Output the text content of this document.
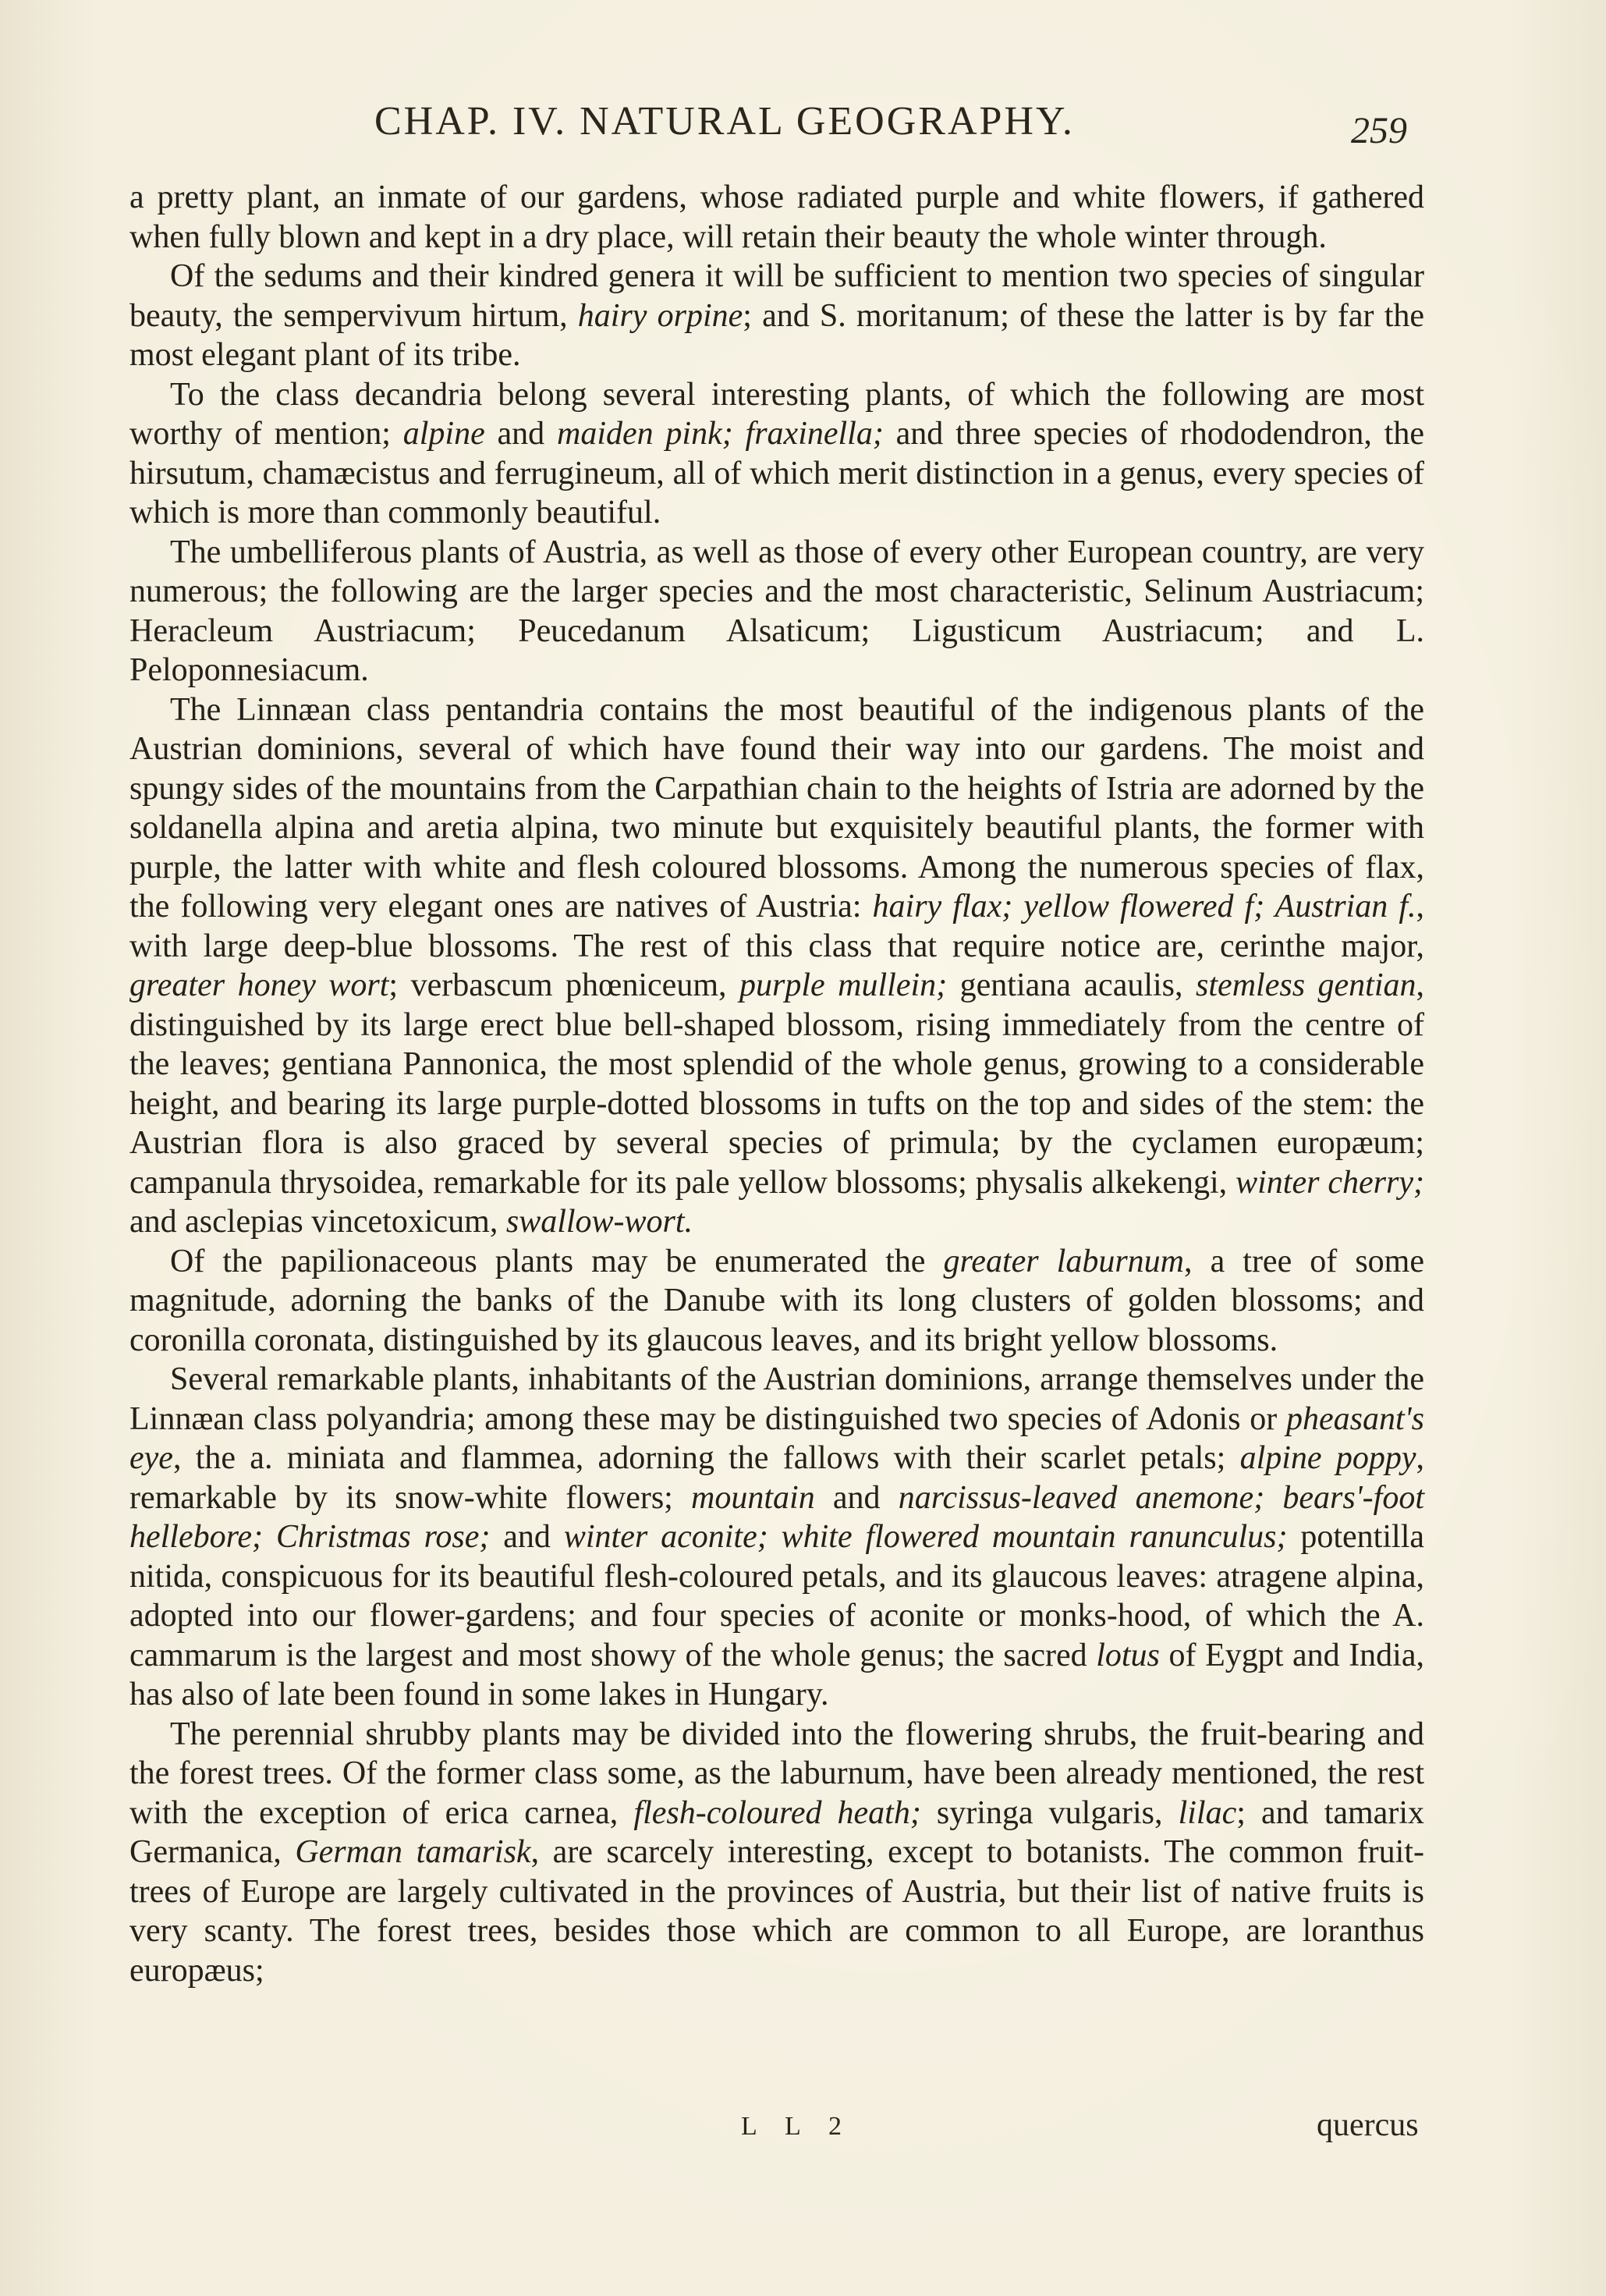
CHAP. IV. NATURAL GEOGRAPHY.	259

a pretty plant, an inmate of our gardens, whose radiated purple and white flowers, if gathered when fully blown and kept in a dry place, will retain their beauty the whole winter through.

Of the sedums and their kindred genera it will be sufficient to mention two species of singular beauty, the sempervivum hirtum, hairy orpine; and S. moritanum; of these the latter is by far the most elegant plant of its tribe.

To the class decandria belong several interesting plants, of which the following are most worthy of mention; alpine and maiden pink; fraxinella; and three species of rhododendron, the hirsutum, chamæcistus and ferrugineum, all of which merit distinction in a genus, every species of which is more than commonly beautiful.

The umbelliferous plants of Austria, as well as those of every other European country, are very numerous; the following are the larger species and the most characteristic, Selinum Austriacum; Heracleum Austriacum; Peucedanum Alsaticum; Ligusticum Austriacum; and L. Peloponnesiacum.

The Linnæan class pentandria contains the most beautiful of the indigenous plants of the Austrian dominions, several of which have found their way into our gardens. The moist and spungy sides of the mountains from the Carpathian chain to the heights of Istria are adorned by the soldanella alpina and aretia alpina, two minute but exquisitely beautiful plants, the former with purple, the latter with white and flesh coloured blossoms. Among the numerous species of flax, the following very elegant ones are natives of Austria: hairy flax; yellow flowered f; Austrian f., with large deep-blue blossoms. The rest of this class that require notice are, cerinthe major, greater honey wort; verbascum phœniceum, purple mullein; gentiana acaulis, stemless gentian, distinguished by its large erect blue bell-shaped blossom, rising immediately from the centre of the leaves; gentiana Pannonica, the most splendid of the whole genus, growing to a considerable height, and bearing its large purple-dotted blossoms in tufts on the top and sides of the stem: the Austrian flora is also graced by several species of primula; by the cyclamen europæum; campanula thrysoidea, remarkable for its pale yellow blossoms; physalis alkekengi, winter cherry; and asclepias vincetoxicum, swallow-wort.

Of the papilionaceous plants may be enumerated the greater laburnum, a tree of some magnitude, adorning the banks of the Danube with its long clusters of golden blossoms; and coronilla coronata, distinguished by its glaucous leaves, and its bright yellow blossoms.

Several remarkable plants, inhabitants of the Austrian dominions, arrange themselves under the Linnæan class polyandria; among these may be distinguished two species of Adonis or pheasant's eye, the a. miniata and flammea, adorning the fallows with their scarlet petals; alpine poppy, remarkable by its snow-white flowers; mountain and narcissus-leaved anemone; bears'-foot hellebore; Christmas rose; and winter aconite; white flowered mountain ranunculus; potentilla nitida, conspicuous for its beautiful flesh-coloured petals, and its glaucous leaves: atragene alpina, adopted into our flower-gardens; and four species of aconite or monks-hood, of which the A. cammarum is the largest and most showy of the whole genus; the sacred lotus of Eygpt and India, has also of late been found in some lakes in Hungary.

The perennial shrubby plants may be divided into the flowering shrubs, the fruit-bearing and the forest trees. Of the former class some, as the laburnum, have been already mentioned, the rest with the exception of erica carnea, flesh-coloured heath; syringa vulgaris, lilac; and tamarix Germanica, German tamarisk, are scarcely interesting, except to botanists. The common fruit-trees of Europe are largely cultivated in the provinces of Austria, but their list of native fruits is very scanty. The forest trees, besides those which are common to all Europe, are loranthus europæus;

L L 2	quercus
